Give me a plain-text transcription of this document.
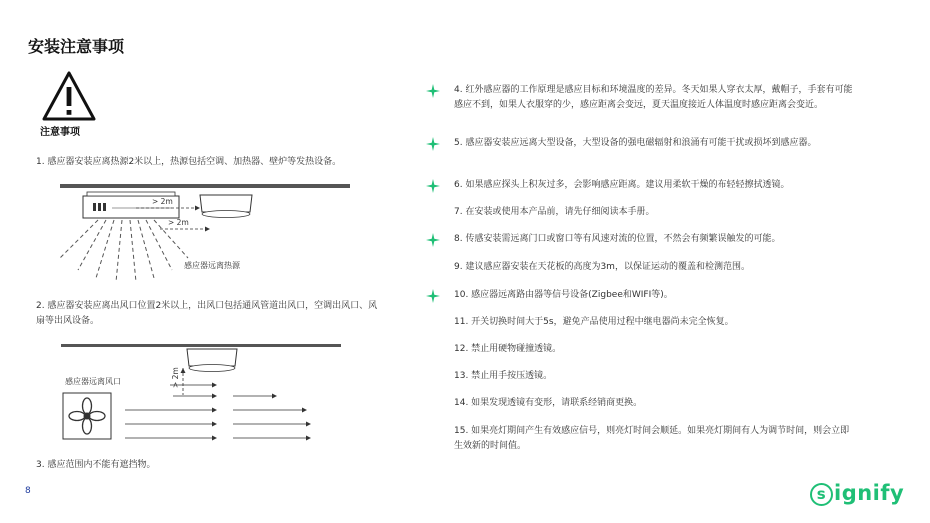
安装注意事项
注意事项
1. 感应器安装应离热源2米以上，热源包括空调、加热器、壁炉等发热设备。
> 2m
> 2m
感应器远离热源
2. 感应器安装应离出风口位置2米以上，出风口包括通风管道出风口，空调出风口、风扇等出风设备。
> 2m
感应器远离风口
3. 感应范围内不能有遮挡物。
8
4. 红外感应器的工作原理是感应目标和环境温度的差异。冬天如果人穿衣太厚，戴帽子，手套有可能感应不到，如果人衣服穿的少，感应距离会变远，夏天温度接近人体温度时感应距离会变近。
5. 感应器安装应远离大型设备，大型设备的强电磁辐射和浪涌有可能干扰或损坏到感应器。
6. 如果感应探头上积灰过多，会影响感应距离。建议用柔软干燥的布轻轻擦拭透镜。
7. 在安装或使用本产品前，请先仔细阅读本手册。
8. 传感安装需远离门口或窗口等有风速对流的位置，不然会有频繁误触发的可能。
9. 建议感应器安装在天花板的高度为3m，以保证运动的覆盖和检测范围。
10. 感应器远离路由器等信号设备(Zigbee和WIFI等)。
11. 开关切换时间大于5s，避免产品使用过程中继电器尚未完全恢复。
12. 禁止用硬物碰撞透镜。
13. 禁止用手按压透镜。
14. 如果发现透镜有变形，请联系经销商更换。
15. 如果亮灯期间产生有效感应信号，则亮灯时间会顺延。如果亮灯期间有人为调节时间，则会立即生效新的时间值。
s ignify
